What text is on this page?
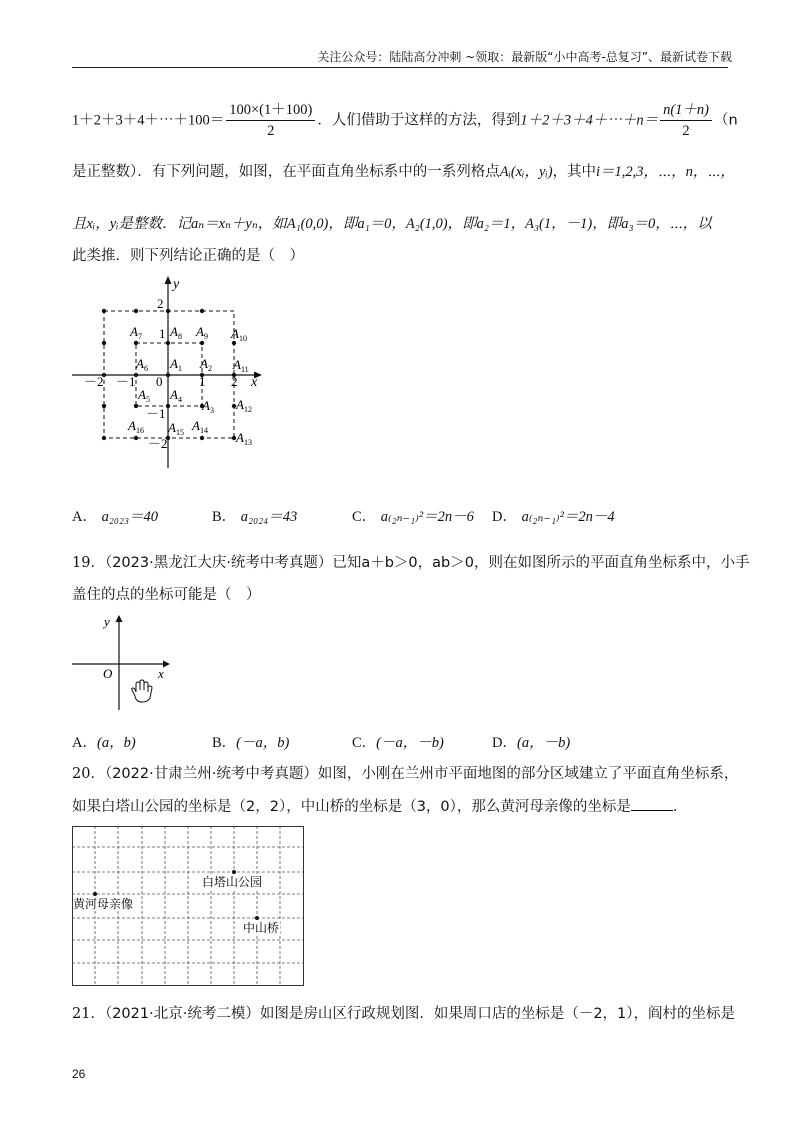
关注公众号：陆陆高分冲刺 ~领取：最新版“小中高考-总复习”、最新试卷下载
1＋2＋3＋4＋⋯＋100＝ $\frac{100\times(1+100)}{2}$ ．人们借助于这样的方法，得到1＋2＋3＋4＋⋯＋n＝ $\frac{n(1+n)}{2} (n$
是正整数）．有下列问题，如图，在平面直角坐标系中的一系列格点Aᵢ(xᵢ，yᵢ)，其中i＝1,2,3，⋯，n，⋯，
且xᵢ，yᵢ是整数．记aₙ＝xₙ＋yₙ，如A₁(0,0)，即a₁＝0，A₂(1,0)，即a₂＝1，A₃(1，－1)，即a₃＝0，⋯，以
此类推．则下列结论正确的是（　）
x
y
－2 －1 0	1 2
2
1
－1
－2
$A_1$ $A_2$
$A_3$
$A_4$
$A_5$
$A_6$
$A_7$ $A_8$ $A_9$ $A_{10}$
$A_{11}$
$A_{12}$
$A_{13}$
$A_{14}$
$A_{15}$
$A_{16}$
A． a₂₀₂₃＝40	B． a₂₀₂₄＝43	C． a₍₂ₙ₋₁₎²＝2n－6 D． a₍₂ₙ₋₁₎²＝2n－4
19．（2023·黑龙江大庆·统考中考真题）已知a＋b＞0，ab＞0，则在如图所示的平面直角坐标系中，小手
盖住的点的坐标可能是（　）
x
y
O
A．(a，b)	B．(－a，b)	C．(－a，－b)	D．(a，－b)
20．（2022·甘肃兰州·统考中考真题）如图，小刚在兰州市平面地图的部分区域建立了平面直角坐标系，
如果白塔山公园的坐标是（2，2），中山桥的坐标是（3，0），那么黄河母亲像的坐标是	．
白塔山公园
黄河母亲像
中山桥
21．（2021·北京·统考二模）如图是房山区行政规划图．如果周口店的坐标是（－2，1），阎村的坐标是
26
